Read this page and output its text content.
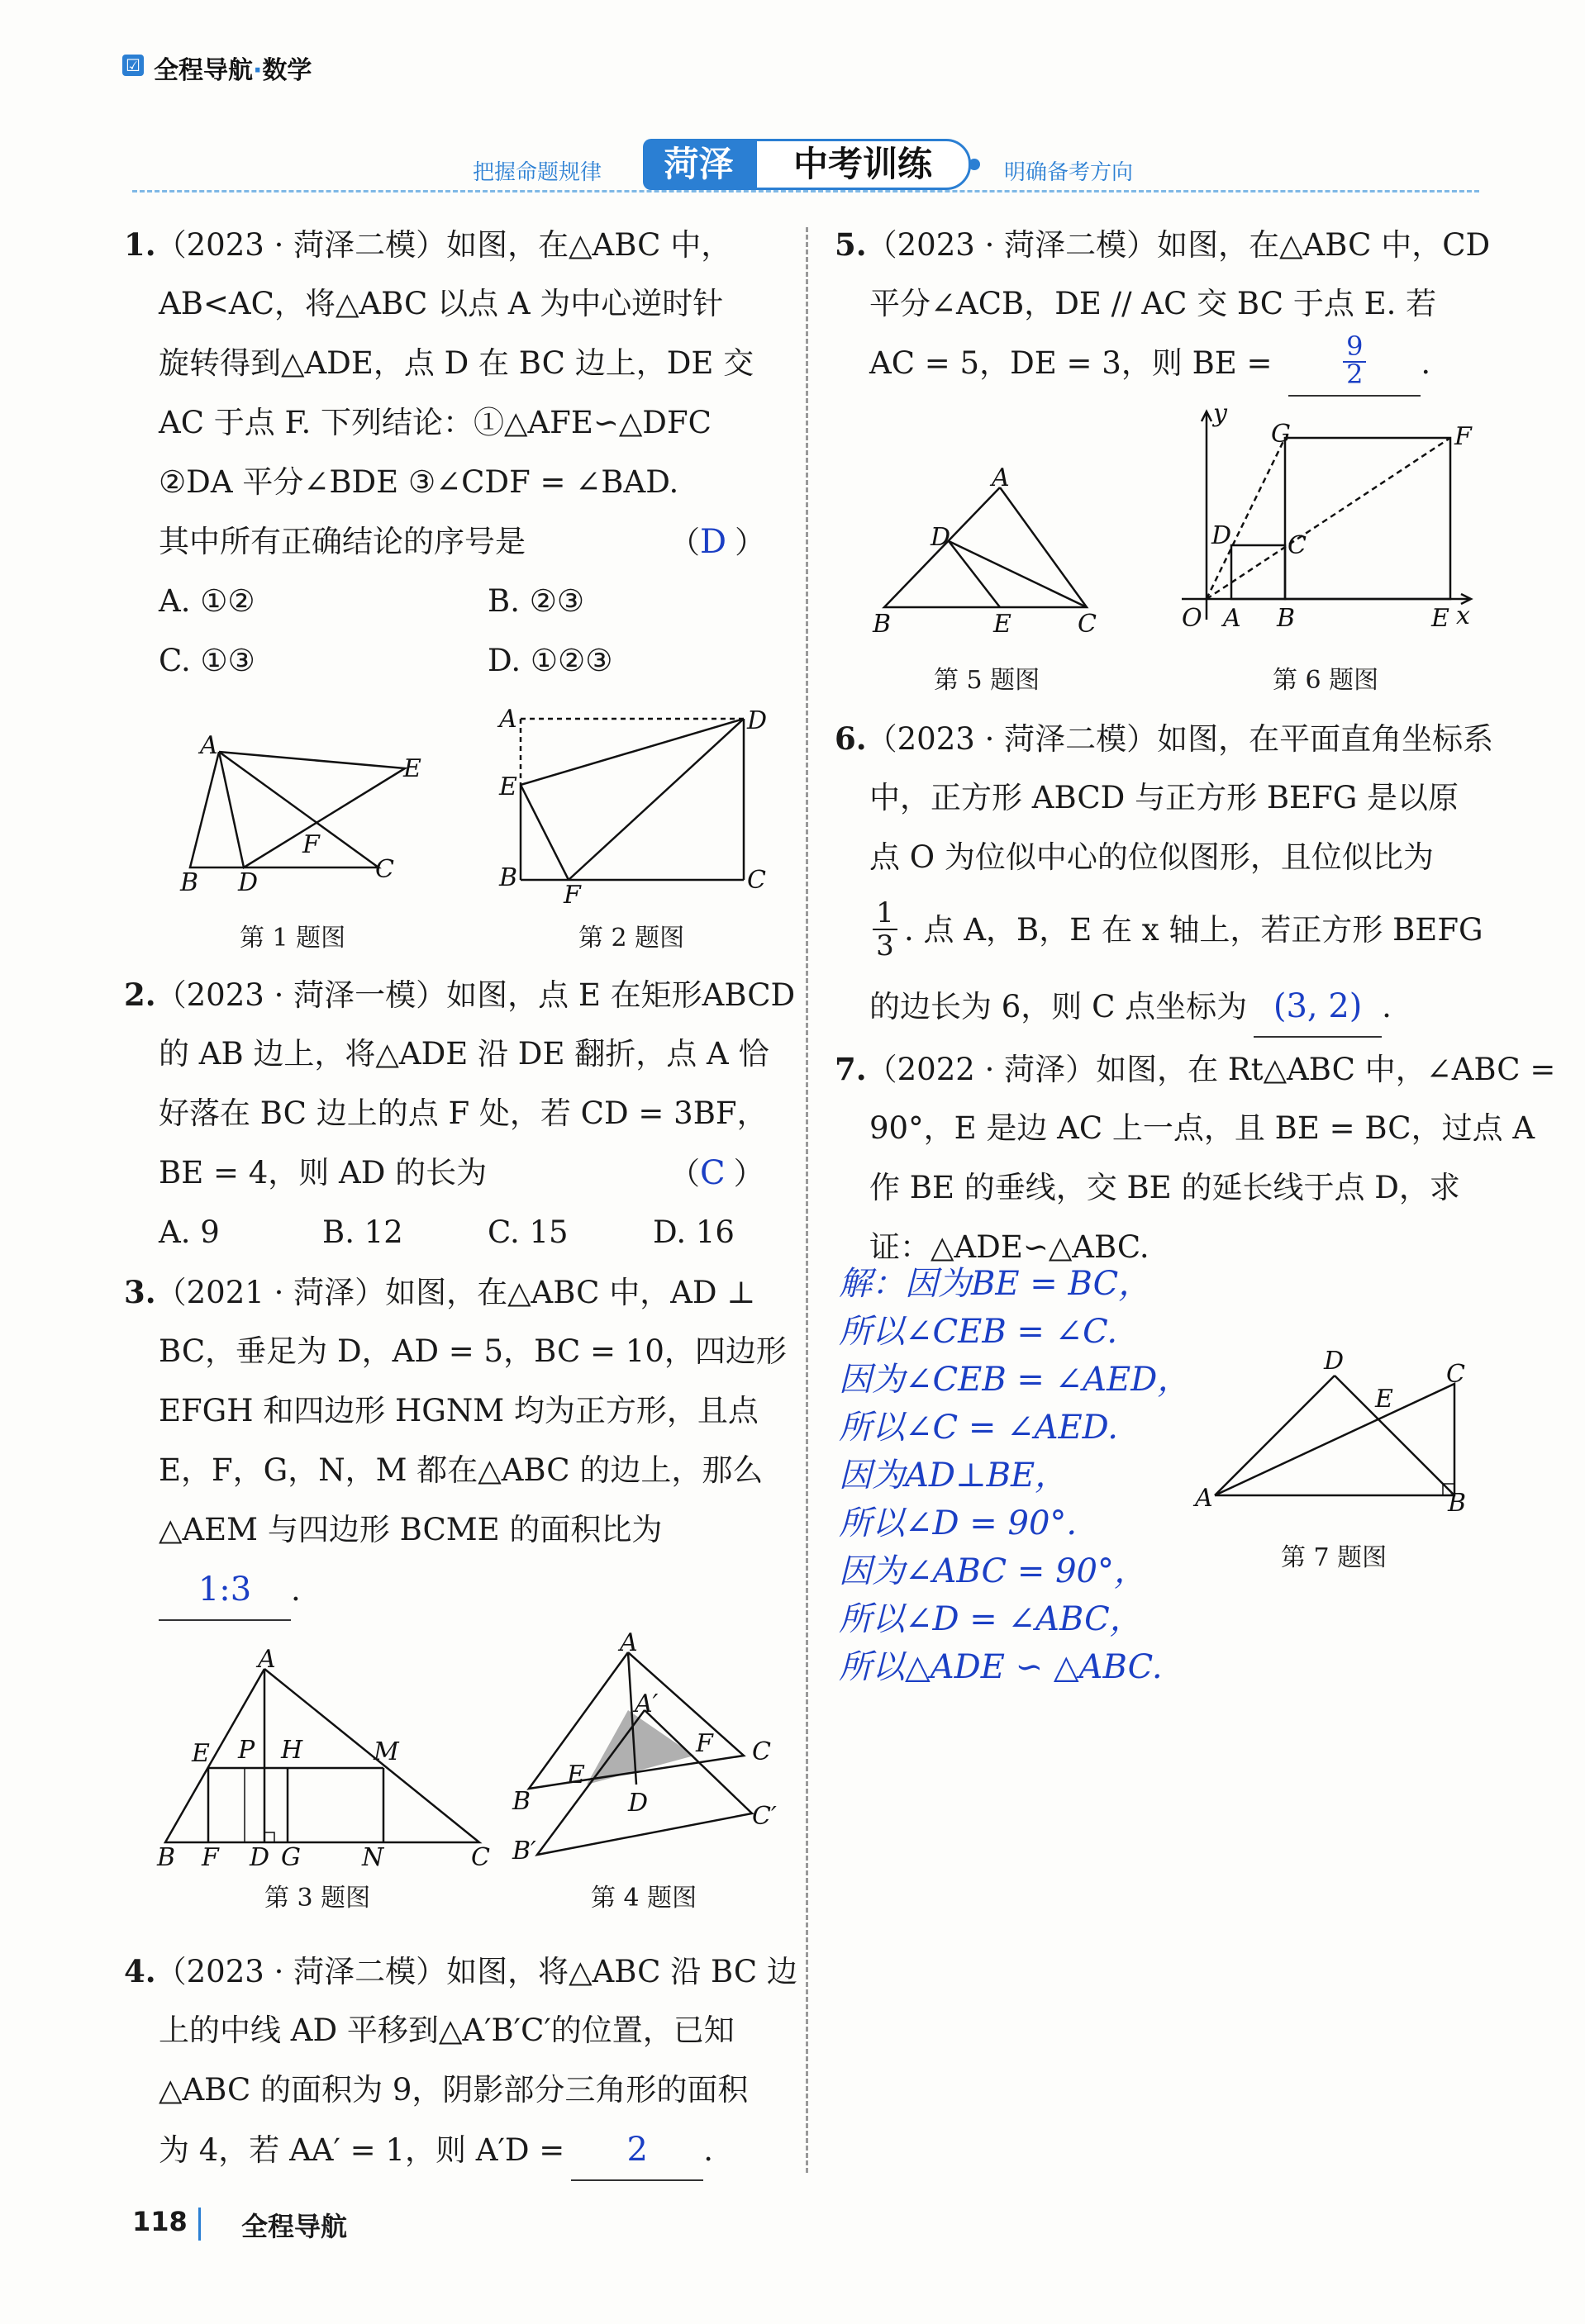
☑ 全程导航·数学
把握命题规律	菏泽	中考训练	明确备考方向
1.（2023 · 菏泽二模）如图，在△ABC 中，
AB<AC，将△ABC 以点 A 为中心逆时针
旋转得到△ADE，点 D 在 BC 边上，DE 交
AC 于点 F. 下列结论：①△AFE∽△DFC
②DA 平分∠BDE ③∠CDF = ∠BAD.
其中所有正确结论的序号是	（D ）
A. ①②	B. ②③
C. ①③	D. ①②③
A
E
B D
F
C
第 1 题图
A	D
E
B
F
C
第 2 题图
2.（2023 · 菏泽一模）如图，点 E 在矩形ABCD
的 AB 边上，将△ADE 沿 DE 翻折，点 A 恰
好落在 BC 边上的点 F 处，若 CD = 3BF，
BE = 4，则 AD 的长为	（C ）
A. 9	B. 12	C. 15	D. 16
3.（2021 · 菏泽）如图，在△ABC 中，AD ⊥
BC，垂足为 D，AD = 5，BC = 10，四边形
EFGH 和四边形 HGNM 均为正方形，且点
E，F，G，N，M 都在△ABC 的边上，那么
△AEM 与四边形 BCME 的面积比为
1:3 .
A
E P H	M
B F D G N	C
第 3 题图
A
A′
E
F C
B	D	C′
B′
第 4 题图
4.（2023 · 菏泽二模）如图，将△ABC 沿 BC 边
上的中线 AD 平移到△A′B′C′的位置，已知
△ABC 的面积为 9，阴影部分三角形的面积
为 4，若 AA′ = 1，则 A′D = 2 .
5.（2023 · 菏泽二模）如图，在△ABC 中，CD
平分∠ACB，DE // AC 交 BC 于点 E. 若
AC = 5，DE = 3，则 BE = $\frac{9}{2}$ .
A
D
B	E	C
第 5 题图
y
G	F
D C
O A B	E x
第 6 题图
6.（2023 · 菏泽二模）如图，在平面直角坐标系
中，正方形 ABCD 与正方形 BEFG 是以原
点 O 为位似中心的位似图形，且位似比为
1
3 . 点 A，B，E 在 x 轴上，若正方形 BEFG
的边长为 6，则 C 点坐标为 (3, 2) .
7.（2022 · 菏泽）如图，在 Rt△ABC 中，∠ABC =
90°，E 是边 AC 上一点，且 BE = BC，过点 A
作 BE 的垂线，交 BE 的延长线于点 D，求
证：△ADE∽△ABC.
解：因为BE = BC，
所以∠CEB = ∠C.
因为∠CEB = ∠AED，
所以∠C = ∠AED.
因为AD⊥BE，
所以∠D = 90°.
因为∠ABC = 90°，
所以∠D = ∠ABC，
所以△ADE ∽ △ABC.
D
E
C
A	B
第 7 题图
118 全程导航
